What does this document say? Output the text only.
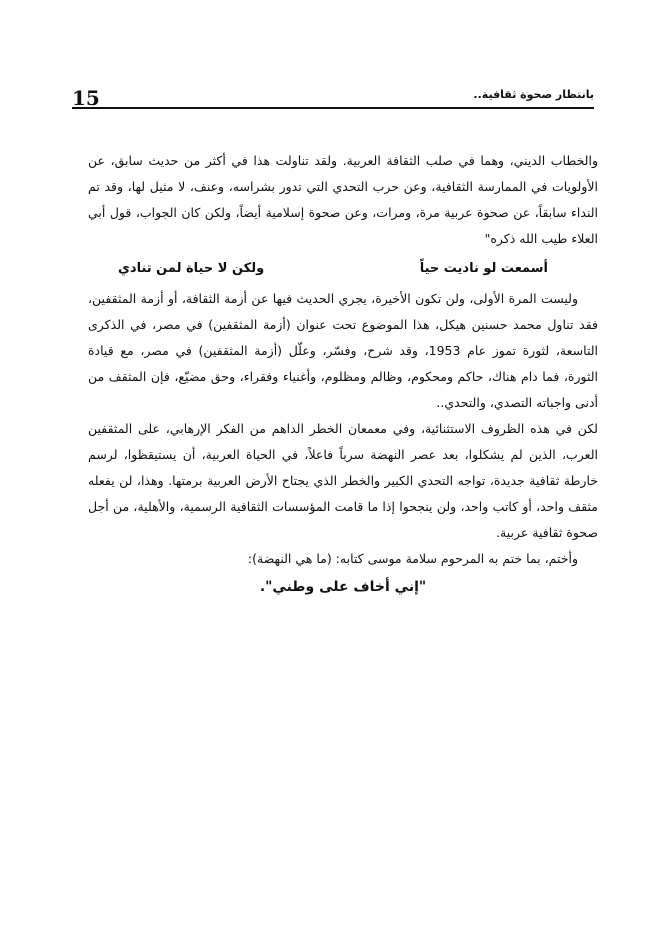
15	بانتظار صحوة ثقافية..

والخطاب الديني، وهما في صلب الثقافة العربية. ولقد تناولت هذا في أكثر من حديث سابق، عن الأولويات في الممارسة الثقافية، وعن حرب التحدي التي تدور بشراسه، وعنف، لا مثيل لها، وقد تم النداء سابقاً، عن صحوة عربية مرة، ومرات، وعن صحوة إسلامية أيضاً، ولكن كان الجواب، قول أبي العلاء طيب الله ذكره"

أسمعت لو ناديت حياً
ولكن لا حياة لمن تنادي

وليست المرة الأولى، ولن تكون الأخيرة، يجري الحديث فيها عن أزمة الثقافة، أو أزمة المثقفين، فقد تناول محمد حسنين هيكل، هذا الموضوع تحت عنوان (أزمة المثقفين) في مصر، في الذكرى التاسعة، لثورة تموز عام 1953، وقد شرح، وفسّر، وعلّل (أزمة المثقفين) في مصر، مع قيادة الثورة، فما دام هناك، حاكم ومحكوم، وظالم ومظلوم، وأغنياء وفقراء، وحق مضيّع، فإن المثقف من أدنى واجباته التصدي، والتحدي..

لكن في هذه الظروف الاستثنائية، وفي معمعان الخطر الداهم من الفكر الإرهابي، على المثقفين العرب، الذين لم يشكلوا، بعد عصر النهضة سرباً فاعلاً، في الحياة العربية، أن يستيقظوا، لرسم خارطة ثقافية جديدة، تواجه التحدي الكبير والخطر الذي يجتاح الأرض العربية برمتها. وهذا، لن يفعله مثقف واحد، أو كاتب واحد، ولن ينجحوا إذا ما قامت المؤسسات الثقافية الرسمية، والأهلية، من أجل صحوة ثقافية عربية.

وأختم، بما ختم به المرحوم سلامة موسى كتابه: (ما هي النهضة):

"إني أخاف على وطني".
